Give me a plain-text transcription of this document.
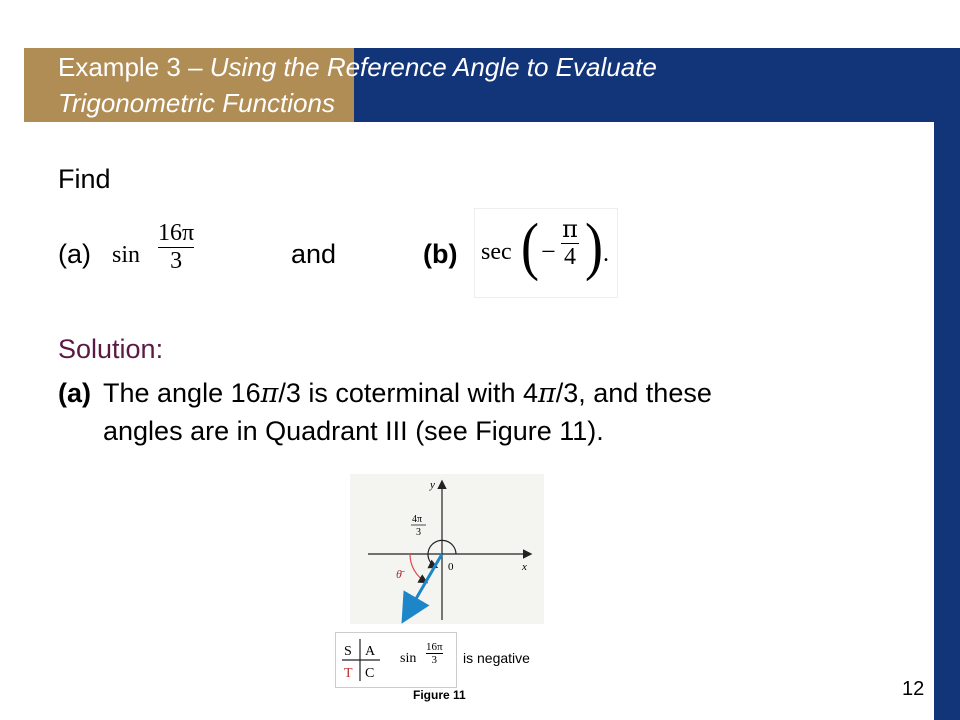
Example 3 – Using the Reference Angle to Evaluate
Trigonometric Functions
Find
(a) sin
16π
3	and	(b) sec ( −
π
4 ) .
Solution:
(a) The angle 16π/3 is coterminal with 4π/3, and these
angles are in Quadrant III (see Figure 11).
y
x
0
4π
3
θ̄
S A
T C
sin
16π
3 is negative
Figure 11	12
